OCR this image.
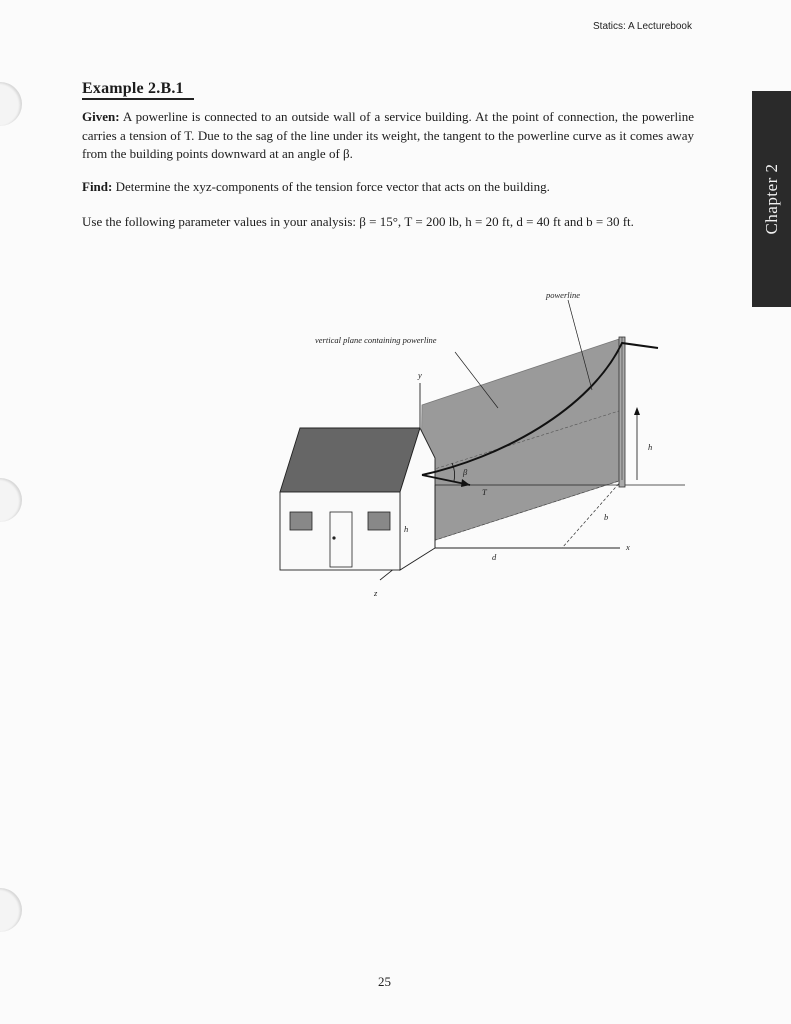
Statics: A Lecturebook
Example 2.B.1
Given: A powerline is connected to an outside wall of a service building. At the point of connection, the powerline carries a tension of T. Due to the sag of the line under its weight, the tangent to the powerline curve as it comes away from the building points downward at an angle of β.
Find: Determine the xyz-components of the tension force vector that acts on the building.
Use the following parameter values in your analysis: β = 15°, T = 200 lb, h = 20 ft, d = 40 ft and b = 30 ft.	Chapter 2
powerline
vertical plane containing powerline
y
x
z
β
T
h
h
d
b
25
